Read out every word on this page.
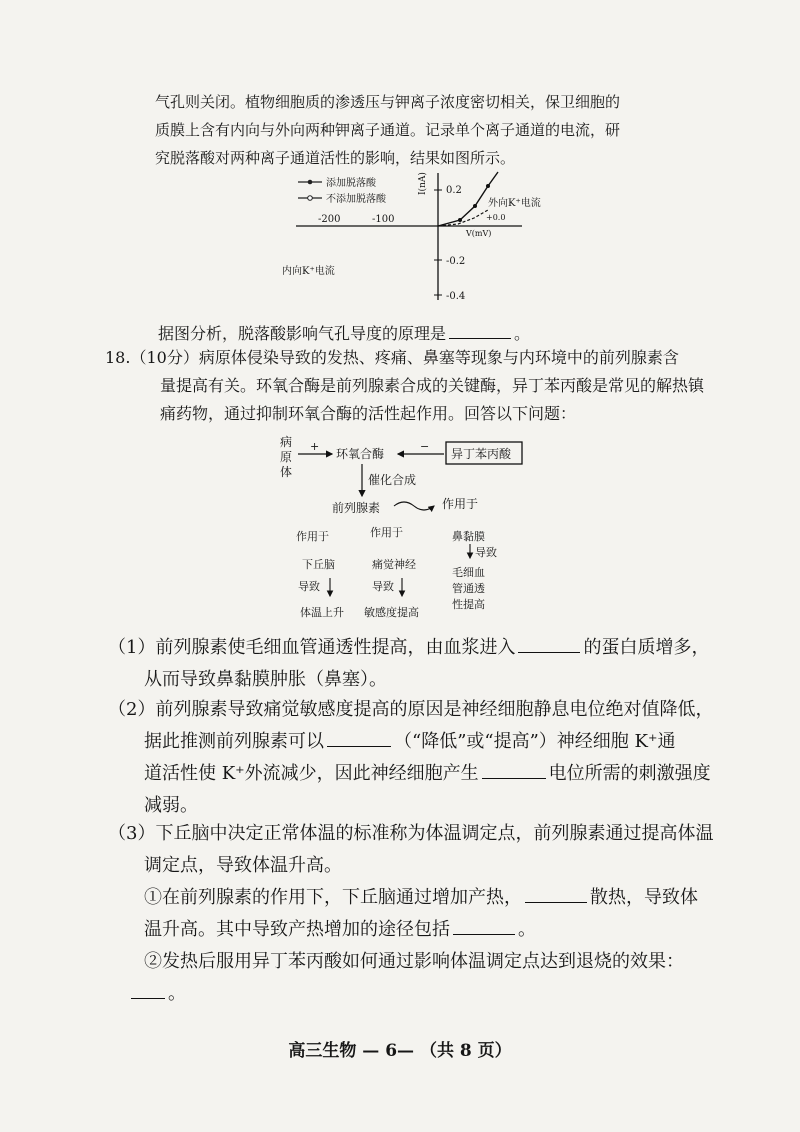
气孔则关闭。植物细胞质的渗透压与钾离子浓度密切相关，保卫细胞的
质膜上含有内向与外向两种钾离子通道。记录单个离子通道的电流，研
究脱落酸对两种离子通道活性的影响，结果如图所示。
添加脱落酸
不添加脱落酸
I(nA) 0.2
-0.2
-0.4
-200	-100	+0.0
V(mV)
外向K⁺电流
内向K⁺电流
据图分析，脱落酸影响气孔导度的原理是	。
18.（10分）病原体侵染导致的发热、疼痛、鼻塞等现象与内环境中的前列腺素含
量提高有关。环氧合酶是前列腺素合成的关键酶，异丁苯丙酸是常见的解热镇
痛药物，通过抑制环氧合酶的活性起作用。回答以下问题：
病
原
体
+
环氧合酶
−
异丁苯丙酸
催化合成
前列腺素	作用于
作用于	作用于	鼻黏膜
导致
下丘脑
导致
体温上升
痛觉神经
导致
敏感度提高
毛细血
管通透
性提高
（1）前列腺素使毛细血管通透性提高，由血浆进入	的蛋白质增多，
从而导致鼻黏膜肿胀（鼻塞）。
（2）前列腺素导致痛觉敏感度提高的原因是神经细胞静息电位绝对值降低，
据此推测前列腺素可以	（“降低”或“提高”）神经细胞 K⁺通
道活性使 K⁺外流减少，因此神经细胞产生	电位所需的刺激强度
减弱。
（3）下丘脑中决定正常体温的标准称为体温调定点，前列腺素通过提高体温
调定点，导致体温升高。
①在前列腺素的作用下，下丘脑通过增加产热，	散热，导致体
温升高。其中导致产热增加的途径包括	。
②发热后服用异丁苯丙酸如何通过影响体温调定点达到退烧的效果：
。
高三生物 — 6— （共 8 页）
